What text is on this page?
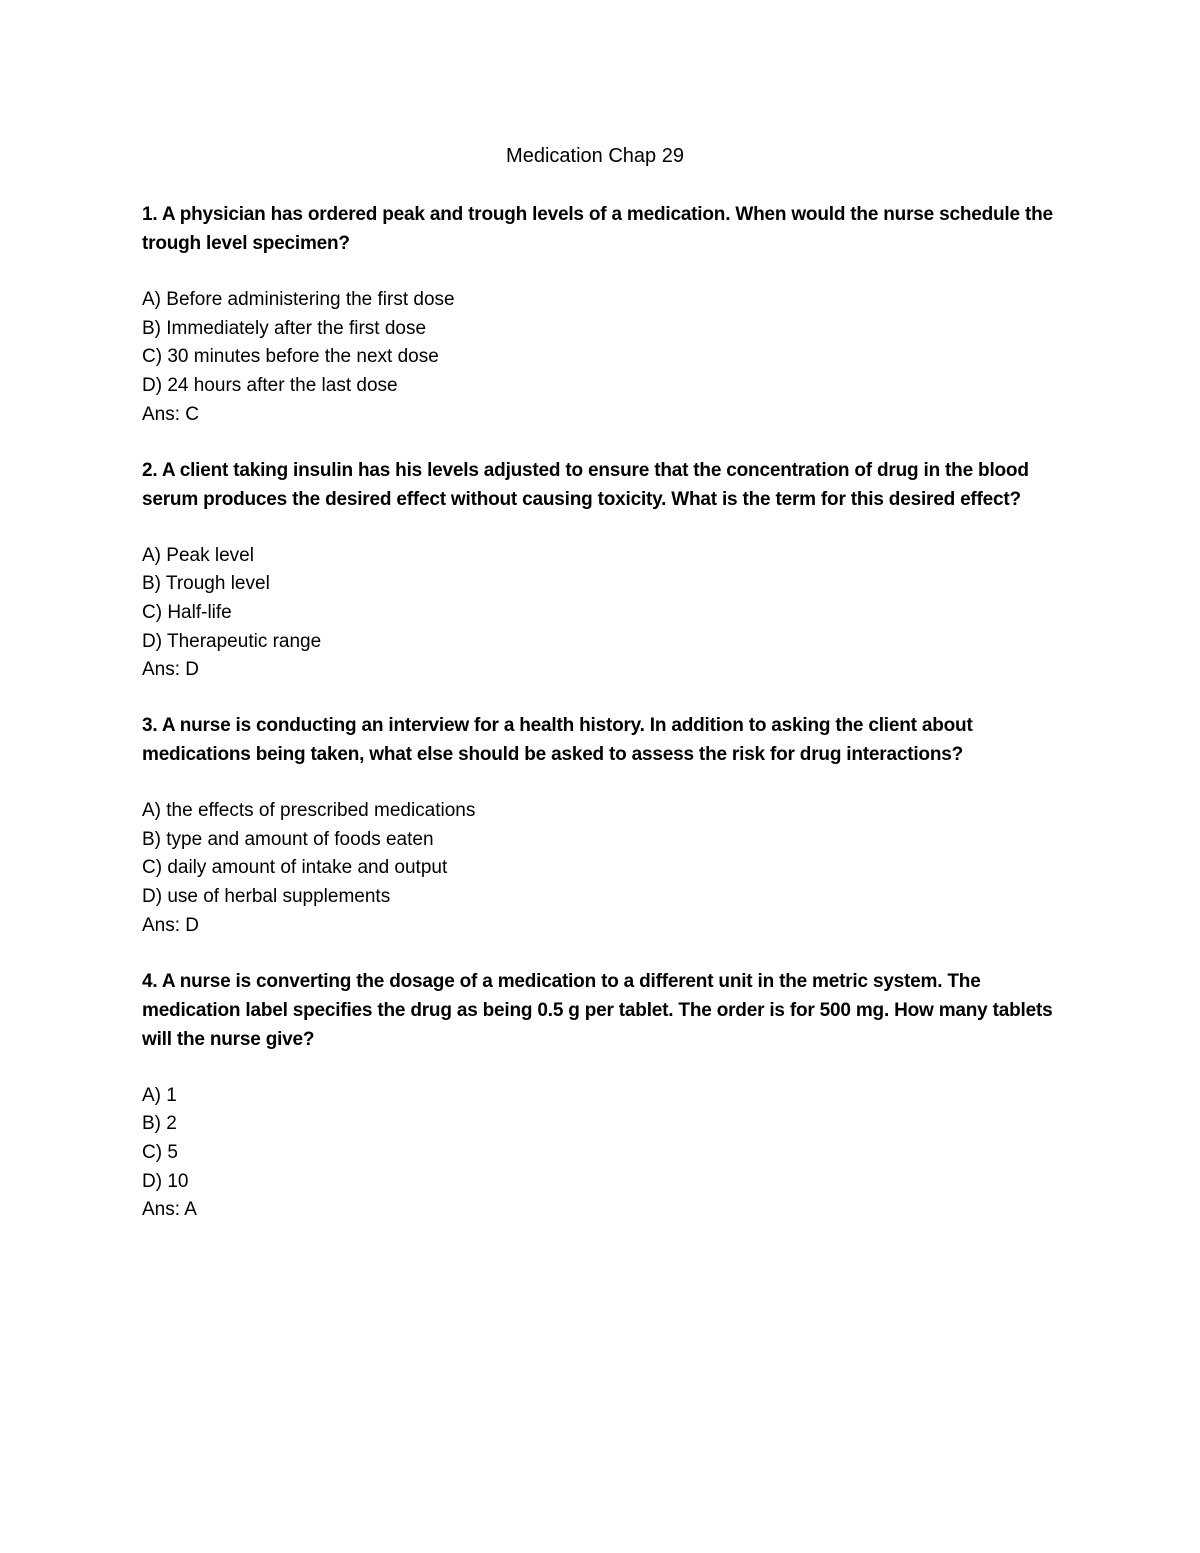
Medication Chap 29

1. A physician has ordered peak and trough levels of a medication. When would the nurse schedule the trough level specimen?

A) Before administering the first dose
B) Immediately after the first dose
C) 30 minutes before the next dose
D) 24 hours after the last dose
Ans: C

2. A client taking insulin has his levels adjusted to ensure that the concentration of drug in the blood serum produces the desired effect without causing toxicity. What is the term for this desired effect?

A) Peak level
B) Trough level
C) Half-life
D) Therapeutic range
Ans: D

3. A nurse is conducting an interview for a health history. In addition to asking the client about medications being taken, what else should be asked to assess the risk for drug interactions?

A) the effects of prescribed medications
B) type and amount of foods eaten
C) daily amount of intake and output
D) use of herbal supplements
Ans: D

4. A nurse is converting the dosage of a medication to a different unit in the metric system. The medication label specifies the drug as being 0.5 g per tablet. The order is for 500 mg. How many tablets will the nurse give?

A) 1
B) 2
C) 5
D) 10
Ans: A
